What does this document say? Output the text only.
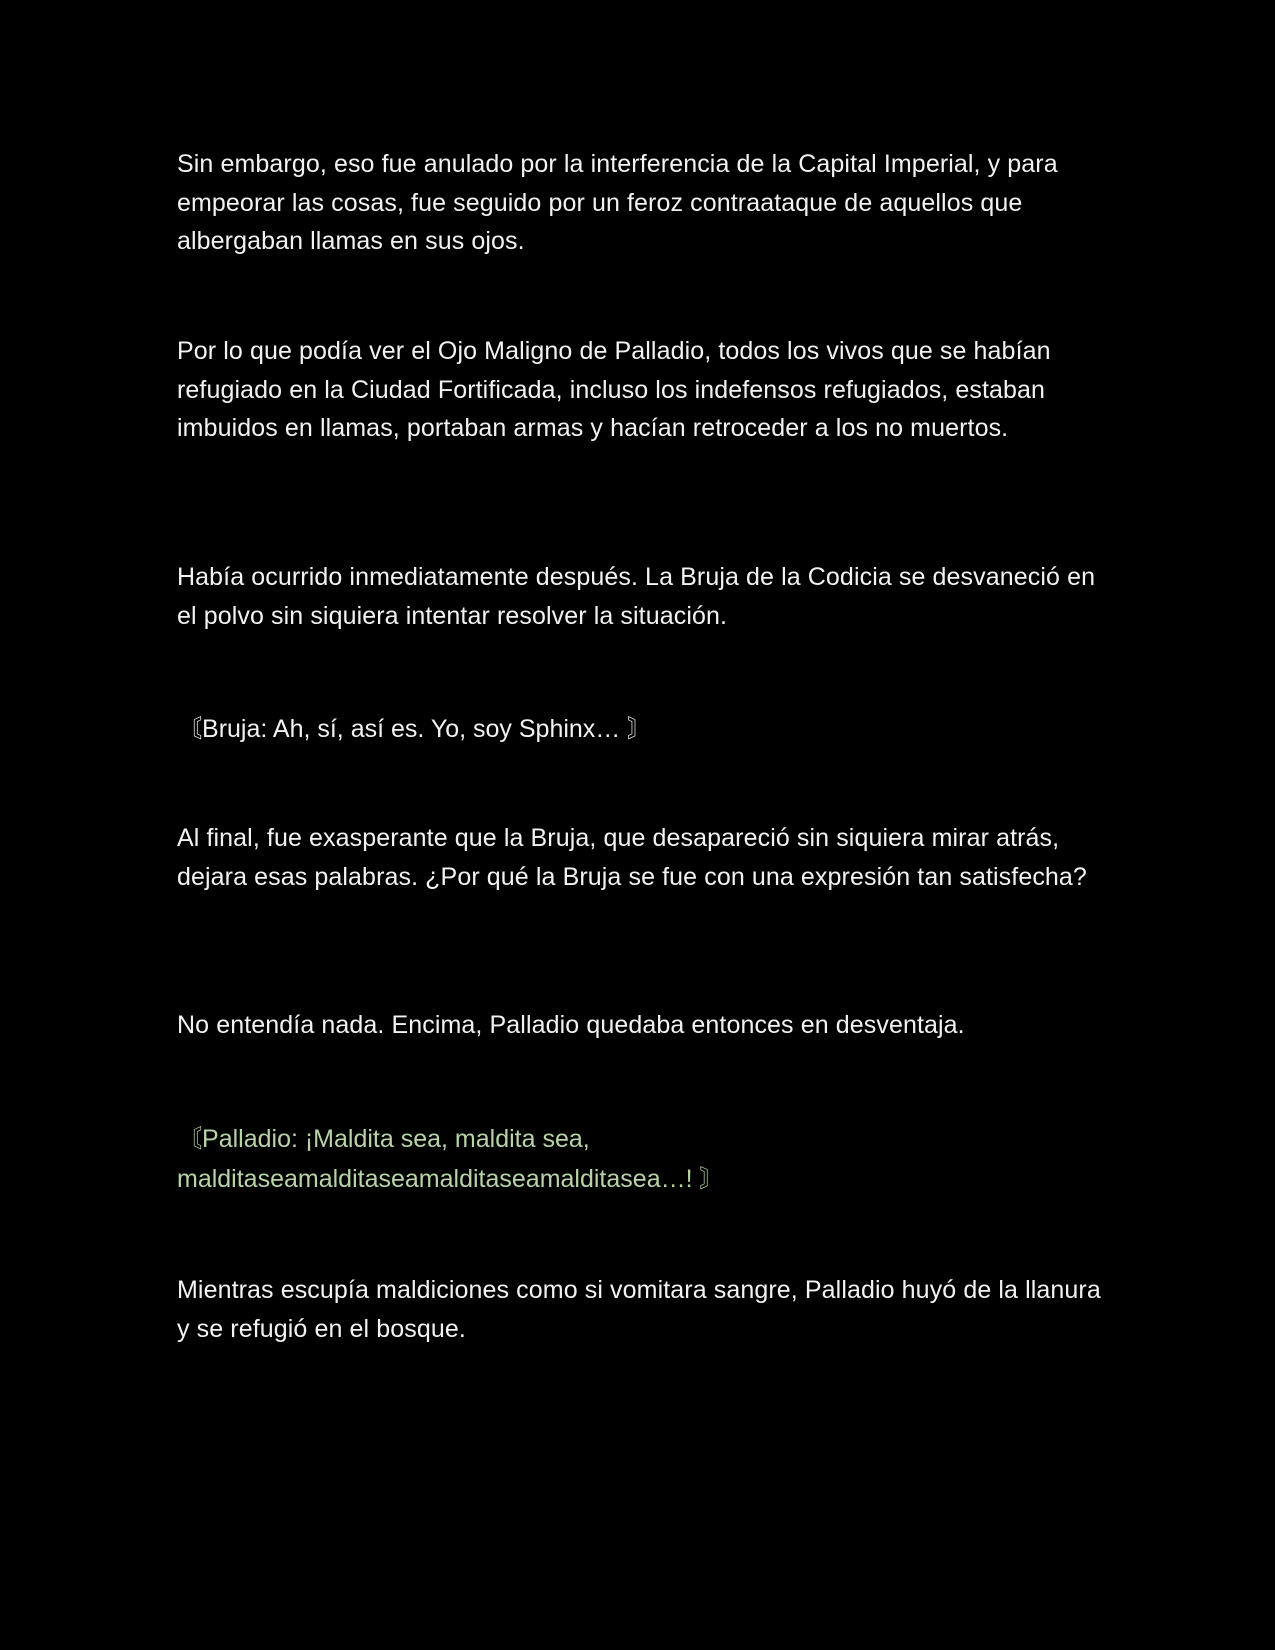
Sin embargo, eso fue anulado por la interferencia de la Capital Imperial, y para empeorar las cosas, fue seguido por un feroz contraataque de aquellos que albergaban llamas en sus ojos.

Por lo que podía ver el Ojo Maligno de Palladio, todos los vivos que se habían refugiado en la Ciudad Fortificada, incluso los indefensos refugiados, estaban imbuidos en llamas, portaban armas y hacían retroceder a los no muertos.

Había ocurrido inmediatamente después. La Bruja de la Codicia se desvaneció en el polvo sin siquiera intentar resolver la situación.

〘Bruja: Ah, sí, así es. Yo, soy Sphinx… 〙

Al final, fue exasperante que la Bruja, que desapareció sin siquiera mirar atrás, dejara esas palabras. ¿Por qué la Bruja se fue con una expresión tan satisfecha?

No entendía nada. Encima, Palladio quedaba entonces en desventaja.

〘Palladio: ¡Maldita sea, maldita sea, malditaseamalditaseamalditaseamalditasea…! 〙

Mientras escupía maldiciones como si vomitara sangre, Palladio huyó de la llanura y se refugió en el bosque.
